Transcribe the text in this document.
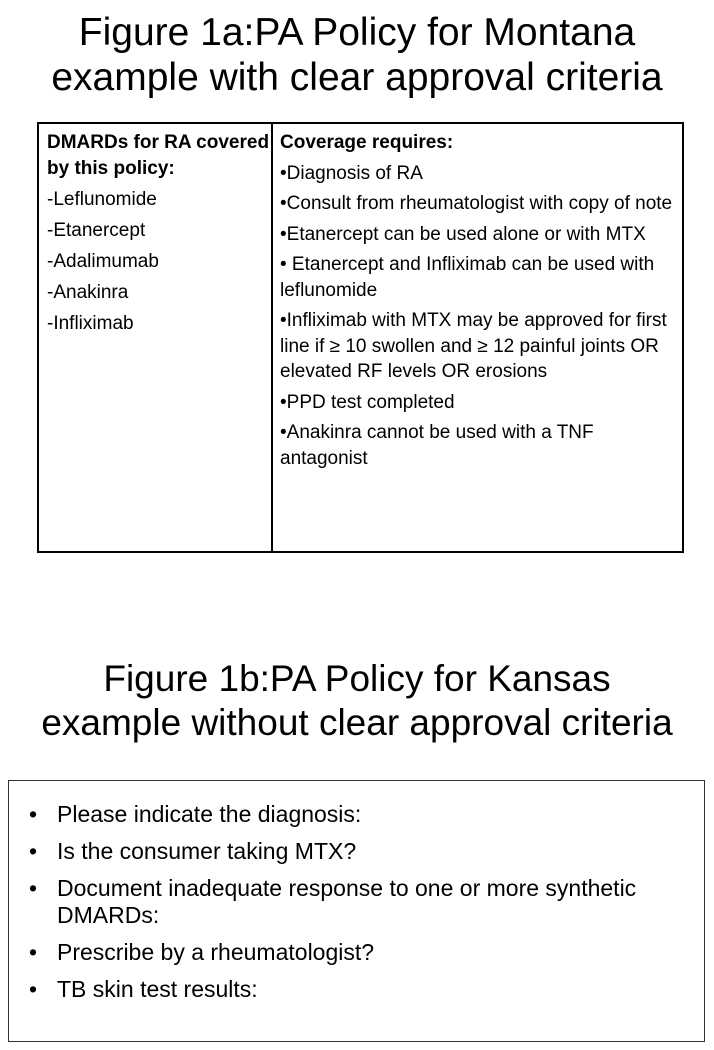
Figure 1a:PA Policy for Montana
example with clear approval criteria
DMARDs for RA covered by this policy:
-Leflunomide
-Etanercept
-Adalimumab
-Anakinra
-Infliximab
Coverage requires:
•Diagnosis of RA
•Consult from rheumatologist with copy of note
•Etanercept can be used alone or with MTX
• Etanercept and Infliximab can be used with leflunomide
•Infliximab with MTX may be approved for first line if ≥ 10 swollen and ≥ 12 painful joints OR elevated RF levels OR erosions
•PPD test completed
•Anakinra cannot be used with a TNF antagonist
Figure 1b:PA Policy for Kansas
example without clear approval criteria
• Please indicate the diagnosis:
• Is the consumer taking MTX?
• Document inadequate response to one or more synthetic DMARDs:
• Prescribe by a rheumatologist?
• TB skin test results:
